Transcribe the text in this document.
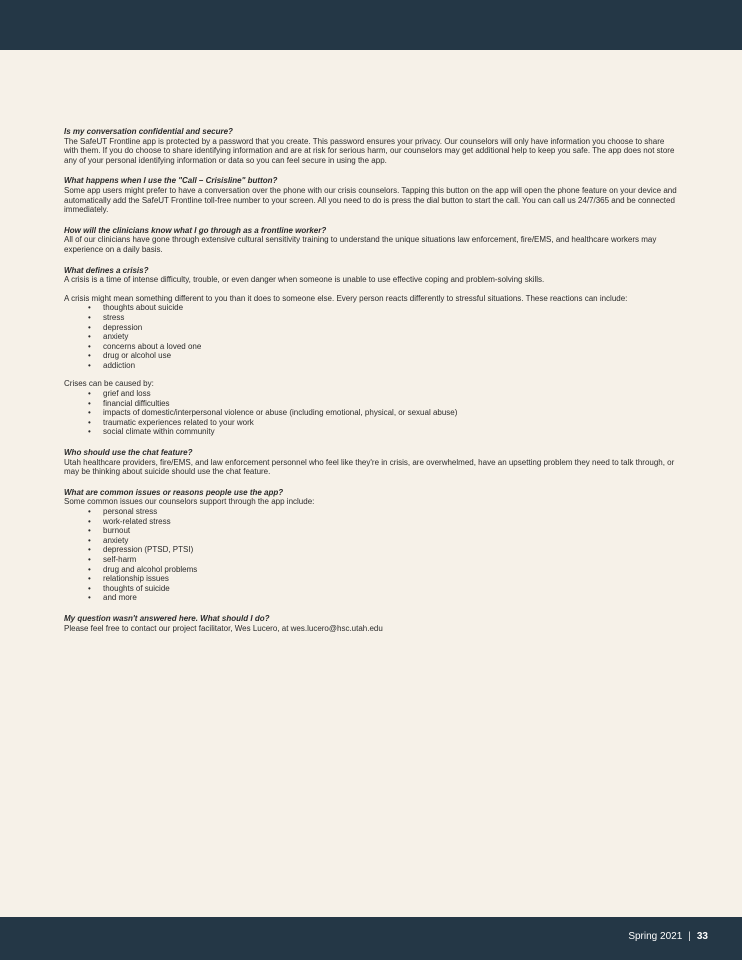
Is my conversation confidential and secure?

The SafeUT Frontline app is protected by a password that you create. This password ensures your privacy. Our counselors will only have information you choose to share with them. If you do choose to share identifying information and are at risk for serious harm, our counselors may get additional help to keep you safe. The app does not store any of your personal identifying information or data so you can feel secure in using the app.

What happens when I use the "Call – Crisisline" button?

Some app users might prefer to have a conversation over the phone with our crisis counselors. Tapping this button on the app will open the phone feature on your device and automatically add the SafeUT Frontline toll-free number to your screen. All you need to do is press the dial button to start the call. You can call us 24/7/365 and be connected immediately.

How will the clinicians know what I go through as a frontline worker?

All of our clinicians have gone through extensive cultural sensitivity training to understand the unique situations law enforcement, fire/EMS, and healthcare workers may experience on a daily basis.

What defines a crisis?

A crisis is a time of intense difficulty, trouble, or even danger when someone is unable to use effective coping and problem-solving skills.

A crisis might mean something different to you than it does to someone else. Every person reacts differently to stressful situations. These reactions can include:

• thoughts about suicide
• stress
• depression
• anxiety
• concerns about a loved one
• drug or alcohol use
• addiction

Crises can be caused by:

• grief and loss
• financial difficulties
• impacts of domestic/interpersonal violence or abuse (including emotional, physical, or sexual abuse)
• traumatic experiences related to your work
• social climate within community

Who should use the chat feature?

Utah healthcare providers, fire/EMS, and law enforcement personnel who feel like they're in crisis, are overwhelmed, have an upsetting problem they need to talk through, or may be thinking about suicide should use the chat feature.

What are common issues or reasons people use the app?

Some common issues our counselors support through the app include:

• personal stress
• work-related stress
• burnout
• anxiety
• depression (PTSD, PTSI)
• self-harm
• drug and alcohol problems
• relationship issues
• thoughts of suicide
• and more

My question wasn't answered here. What should I do?

Please feel free to contact our project facilitator, Wes Lucero, at wes.lucero@hsc.utah.edu

Spring 2021 | 33
